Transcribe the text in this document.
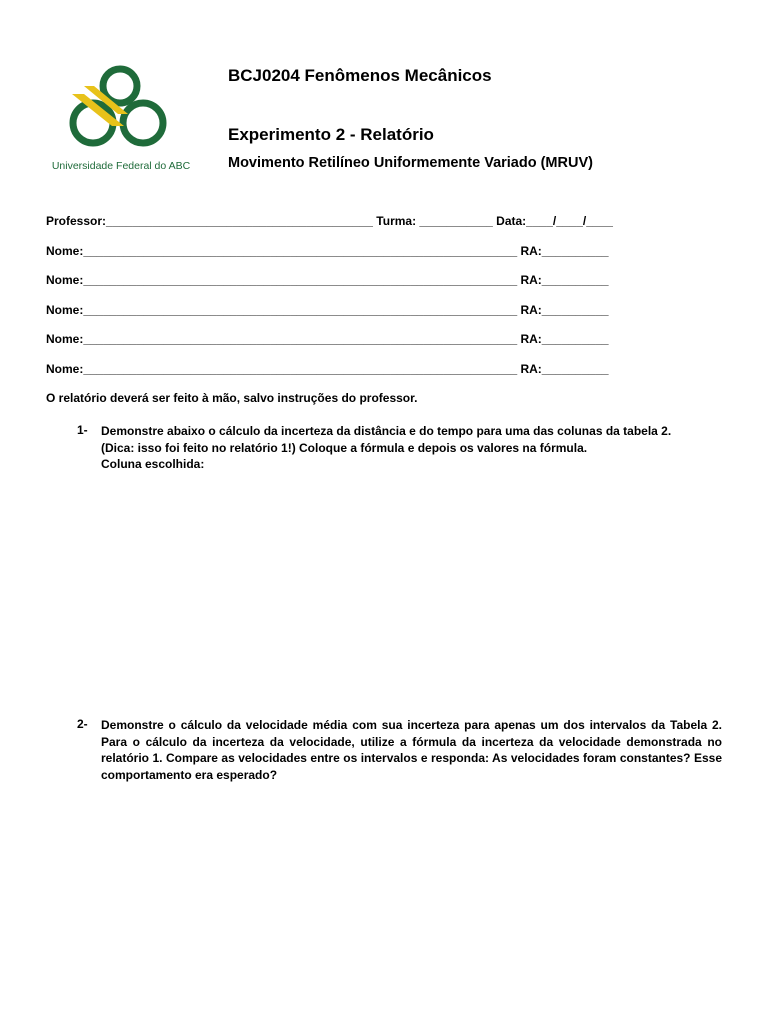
Universidade Federal do ABC
BCJ0204 Fenômenos Mecânicos
Experimento 2 - Relatório
Movimento Retilíneo Uniformemente Variado (MRUV)
Professor:________________________________________ Turma: ___________ Data:____/____/____
Nome:_________________________________________________________________ RA:__________
Nome:_________________________________________________________________ RA:__________
Nome:_________________________________________________________________ RA:__________
Nome:_________________________________________________________________ RA:__________
Nome:_________________________________________________________________ RA:__________
O relatório deverá ser feito à mão, salvo instruções do professor.
1- Demonstre abaixo o cálculo da incerteza da distância e do tempo para uma das colunas da tabela 2.
(Dica: isso foi feito no relatório 1!) Coloque a fórmula e depois os valores na fórmula.
Coluna escolhida:
2- Demonstre o cálculo da velocidade média com sua incerteza para apenas um dos intervalos da Tabela 2. Para o cálculo da incerteza da velocidade, utilize a fórmula da incerteza da velocidade demonstrada no relatório 1. Compare as velocidades entre os intervalos e responda: As velocidades foram constantes? Esse comportamento era esperado?
